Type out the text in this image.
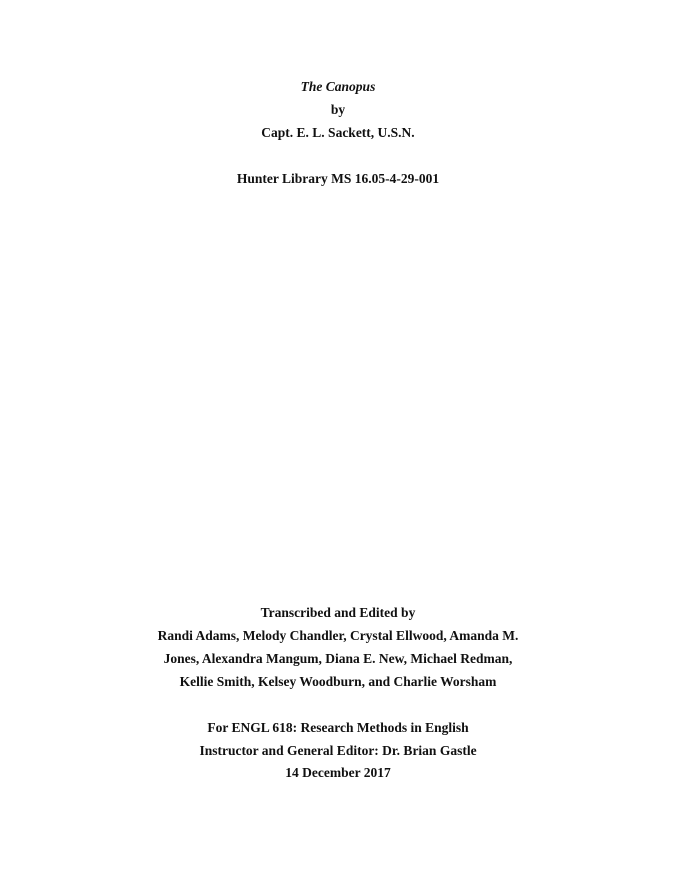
The Canopus
by
Capt. E. L. Sackett, U.S.N.
Hunter Library MS 16.05-4-29-001
Transcribed and Edited by
Randi Adams, Melody Chandler, Crystal Ellwood, Amanda M.
Jones, Alexandra Mangum, Diana E. New, Michael Redman,
Kellie Smith, Kelsey Woodburn, and Charlie Worsham
For ENGL 618: Research Methods in English
Instructor and General Editor: Dr. Brian Gastle
14 December 2017
